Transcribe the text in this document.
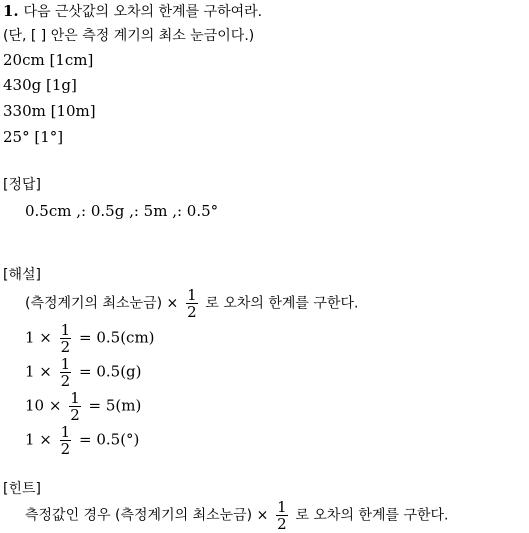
1. 다음 근삿값의 오차의 한계를 구하여라.
(단, [ ] 안은 측정 계기의 최소 눈금이다.)
20cm [1cm]
430g [1g]
330m [10m]
25° [1°]
[정답]
0.5cm ,: 0.5g ,: 5m ,: 0.5°
[해설]
(측정계기의 최소눈금) × $\frac{1}{2}$ 로 오차의 한계를 구한다.
$1 \times \frac{1}{2} = 0.5(cm)$
$1 \times \frac{1}{2} = 0.5(g)$
$10 \times \frac{1}{2} = 5(m)$
$1 \times \frac{1}{2} = 0.5(^\circ)$
[힌트]
측정값인 경우 (측정계기의 최소눈금) × $\frac{1}{2}$ 로 오차의 한계를 구한다.
